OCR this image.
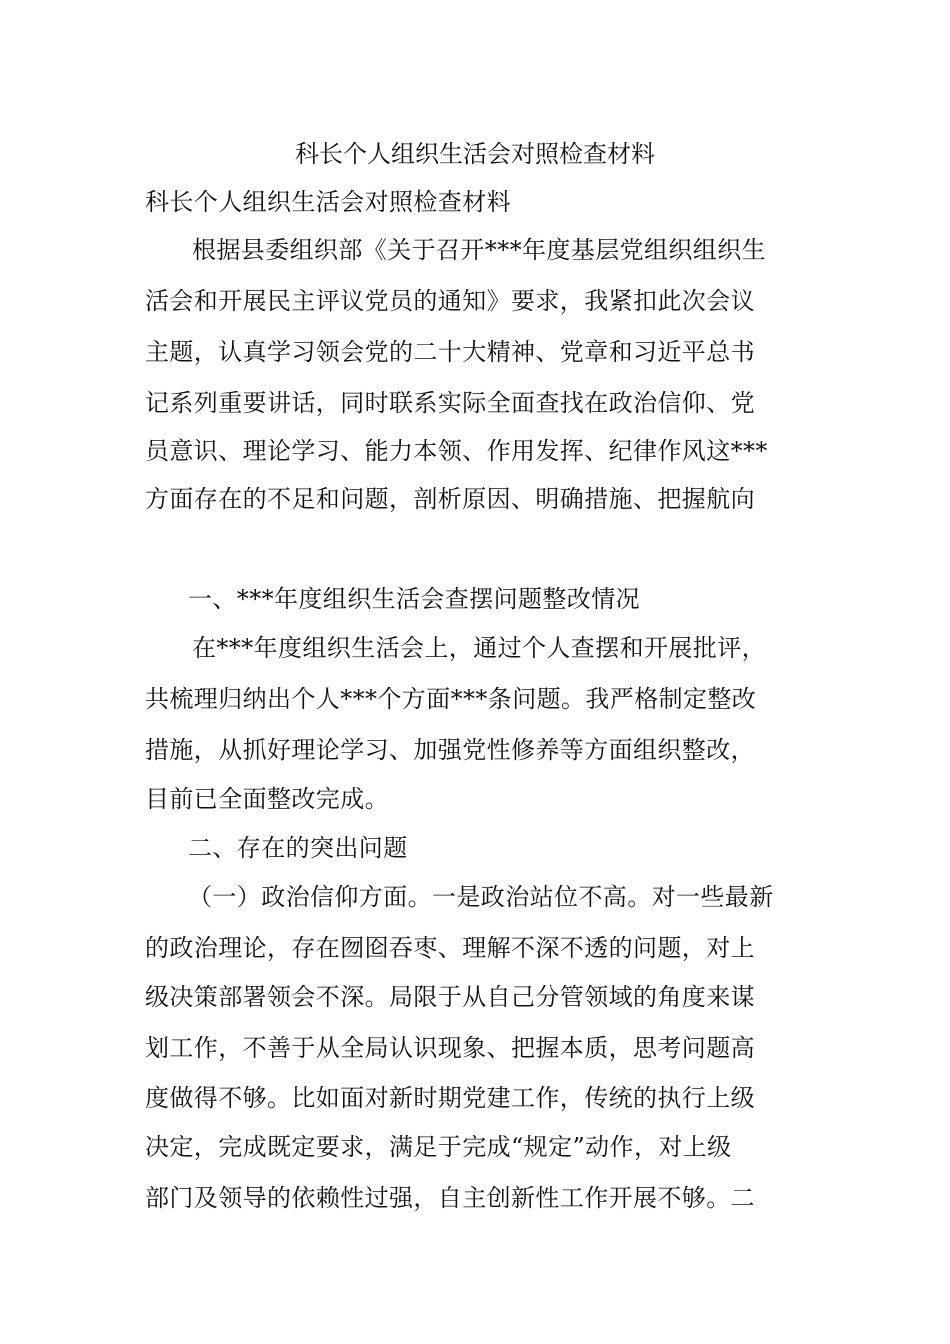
科长个人组织生活会对照检查材料
科长个人组织生活会对照检查材料
根据县委组织部《关于召开***年度基层党组织组织生
活会和开展民主评议党员的通知》要求，我紧扣此次会议
主题，认真学习领会党的二十大精神、党章和习近平总书
记系列重要讲话，同时联系实际全面查找在政治信仰、党
员意识、理论学习、能力本领、作用发挥、纪律作风这***
方面存在的不足和问题，剖析原因、明确措施、把握航向
一、***年度组织生活会查摆问题整改情况
在***年度组织生活会上，通过个人查摆和开展批评，
共梳理归纳出个人***个方面***条问题。我严格制定整改
措施，从抓好理论学习、加强党性修养等方面组织整改，
目前已全面整改完成。
二、存在的突出问题
（一）政治信仰方面。一是政治站位不高。对一些最新
的政治理论，存在囫囵吞枣、理解不深不透的问题，对上
级决策部署领会不深。局限于从自己分管领域的角度来谋
划工作，不善于从全局认识现象、把握本质，思考问题高
度做得不够。比如面对新时期党建工作，传统的执行上级
决定，完成既定要求，满足于完成“规定”动作，对上级
部门及领导的依赖性过强，自主创新性工作开展不够。二
